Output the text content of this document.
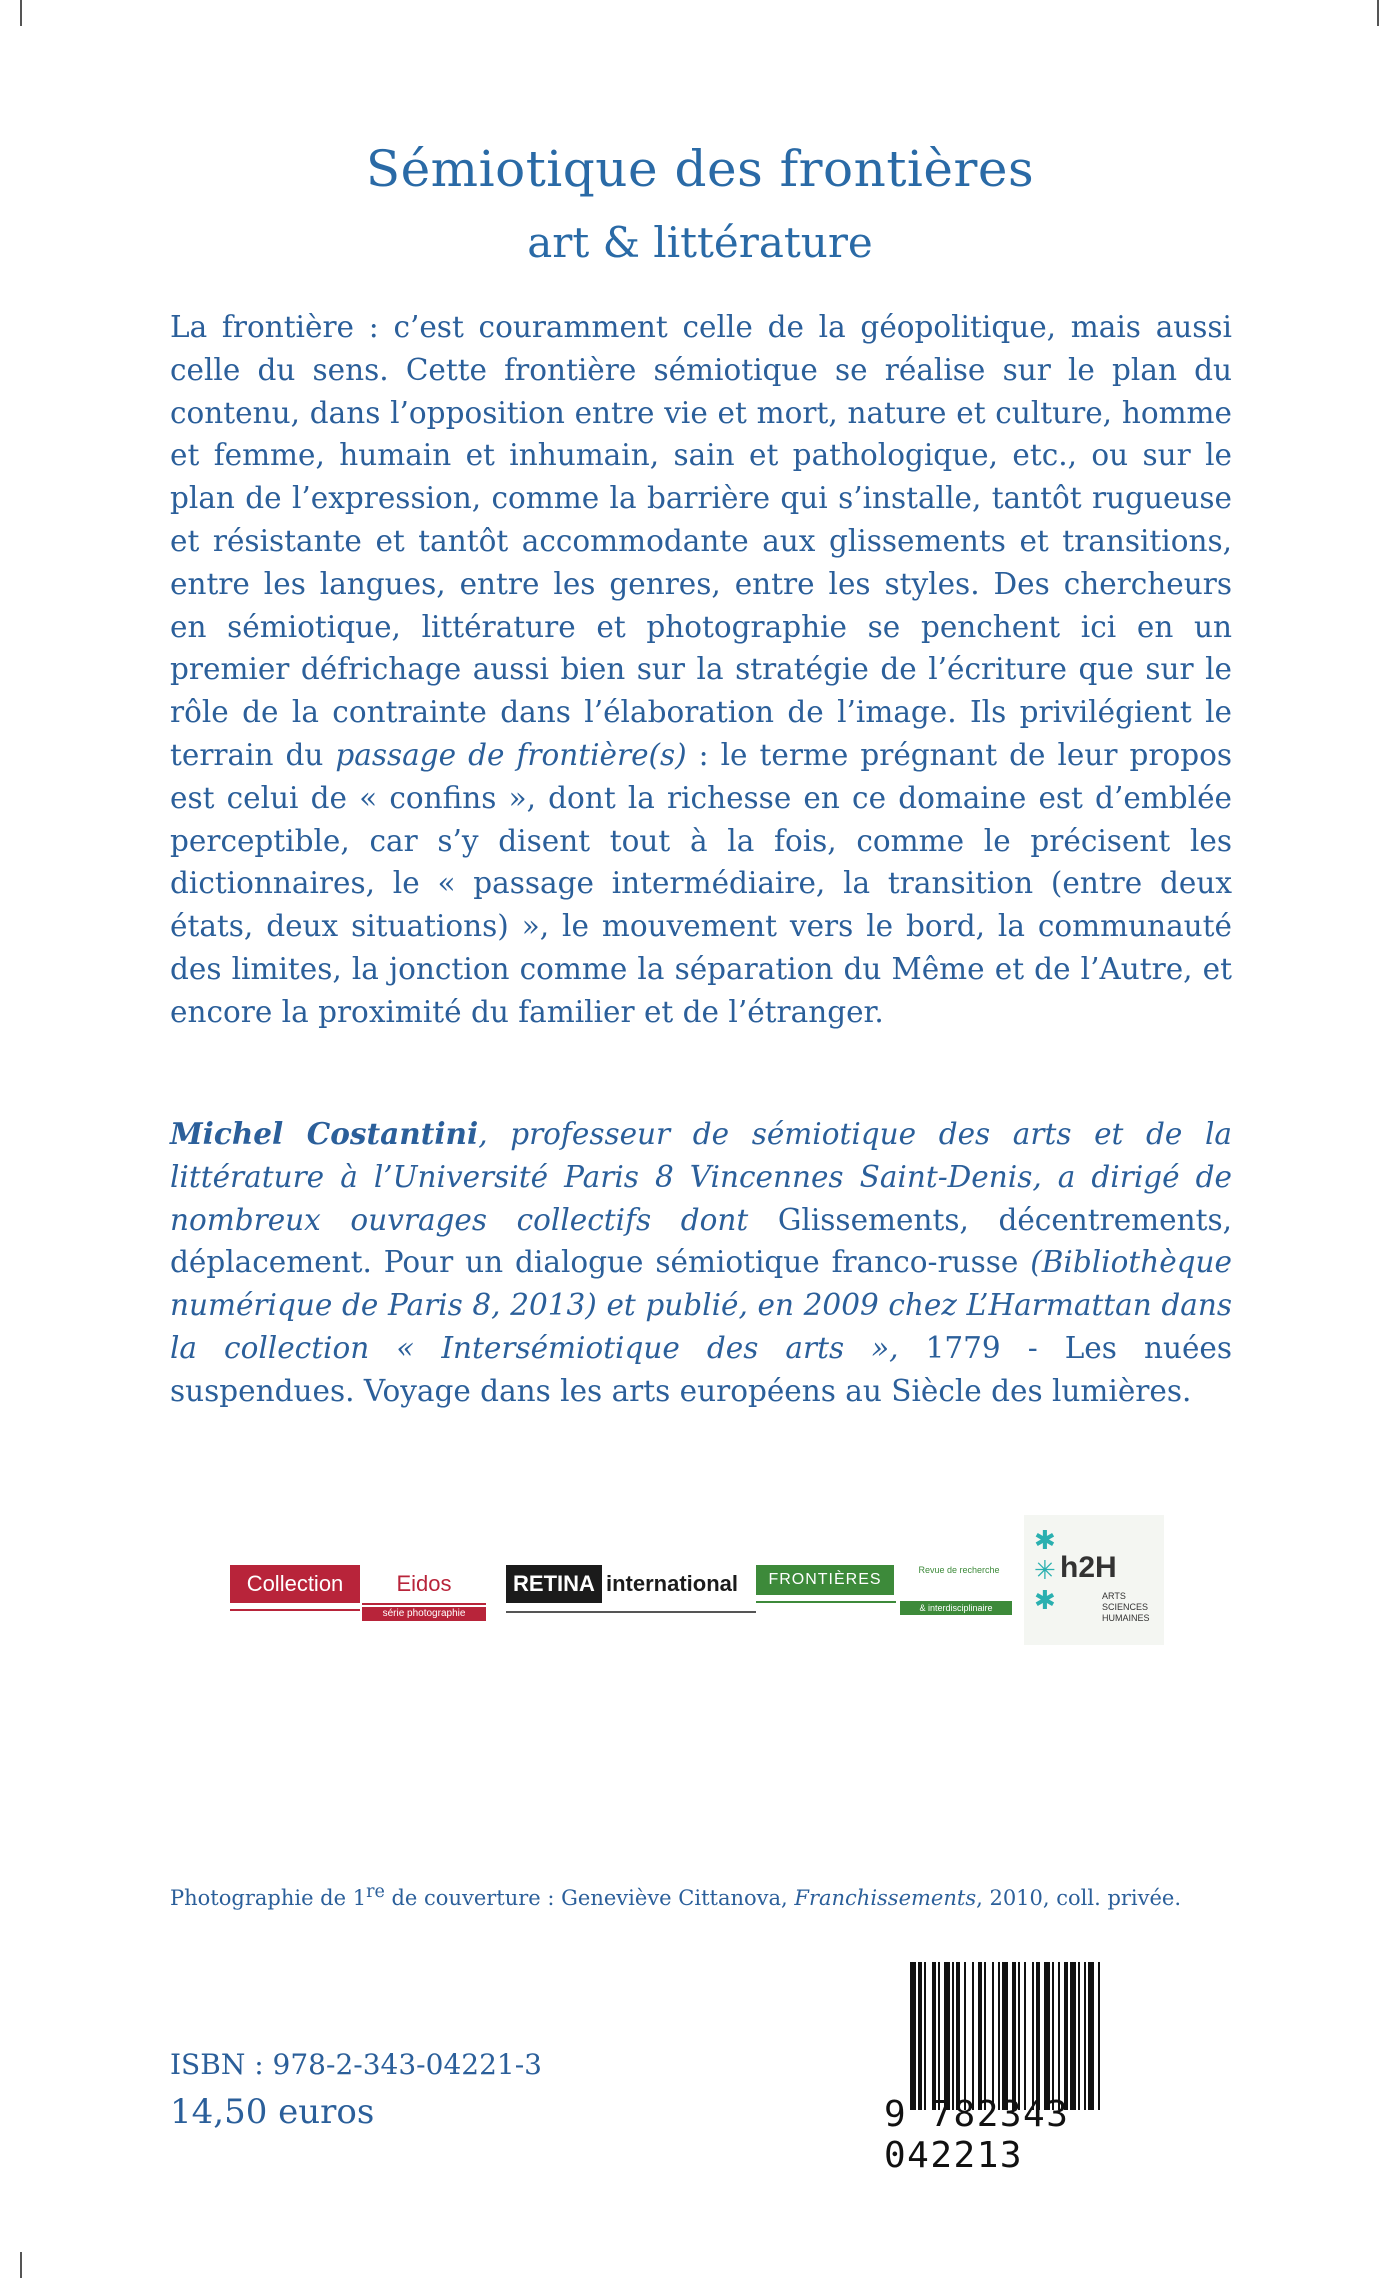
Sémiotique des frontières
art & littérature
La frontière : c’est couramment celle de la géopolitique, mais aussi celle du sens. Cette frontière sémiotique se réalise sur le plan du contenu, dans l’opposition entre vie et mort, nature et culture, homme et femme, humain et inhumain, sain et pathologique, etc., ou sur le plan de l’expression, comme la barrière qui s’installe, tantôt rugueuse et résistante et tantôt accommodante aux glissements et transitions, entre les langues, entre les genres, entre les styles. Des chercheurs en sémiotique, littérature et photographie se penchent ici en un premier défrichage aussi bien sur la stratégie de l’écriture que sur le rôle de la contrainte dans l’élaboration de l’image. Ils privilégient le terrain du passage de frontière(s) : le terme prégnant de leur propos est celui de « confins », dont la richesse en ce domaine est d’emblée perceptible, car s’y disent tout à la fois, comme le précisent les dictionnaires, le « passage intermédiaire, la transition (entre deux états, deux situations) », le mouvement vers le bord, la communauté des limites, la jonction comme la séparation du Même et de l’Autre, et encore la proximité du familier et de l’étranger.
Michel Costantini, professeur de sémiotique des arts et de la littérature à l’Université Paris 8 Vincennes Saint-Denis, a dirigé de nombreux ouvrages collectifs dont Glissements, décentrements, déplacement. Pour un dialogue sémiotique franco-russe (Bibliothèque numérique de Paris 8, 2013) et publié, en 2009 chez L’Harmattan dans la collection « Intersémiotique des arts », 1779 - Les nuées suspendues. Voyage dans les arts européens au Siècle des lumières.
Collection	Eidos
série photographie
RETINA international	FRONTIÈRES
Revue de recherche
& interdisciplinaire
✱
✳
✱
h2H
ARTS SCIENCES HUMAINES
Photographie de 1re de couverture : Geneviève Cittanova, Franchissements, 2010, coll. privée.
ISBN : 978-2-343-04221-3
14,50 euros	9 782343 042213
